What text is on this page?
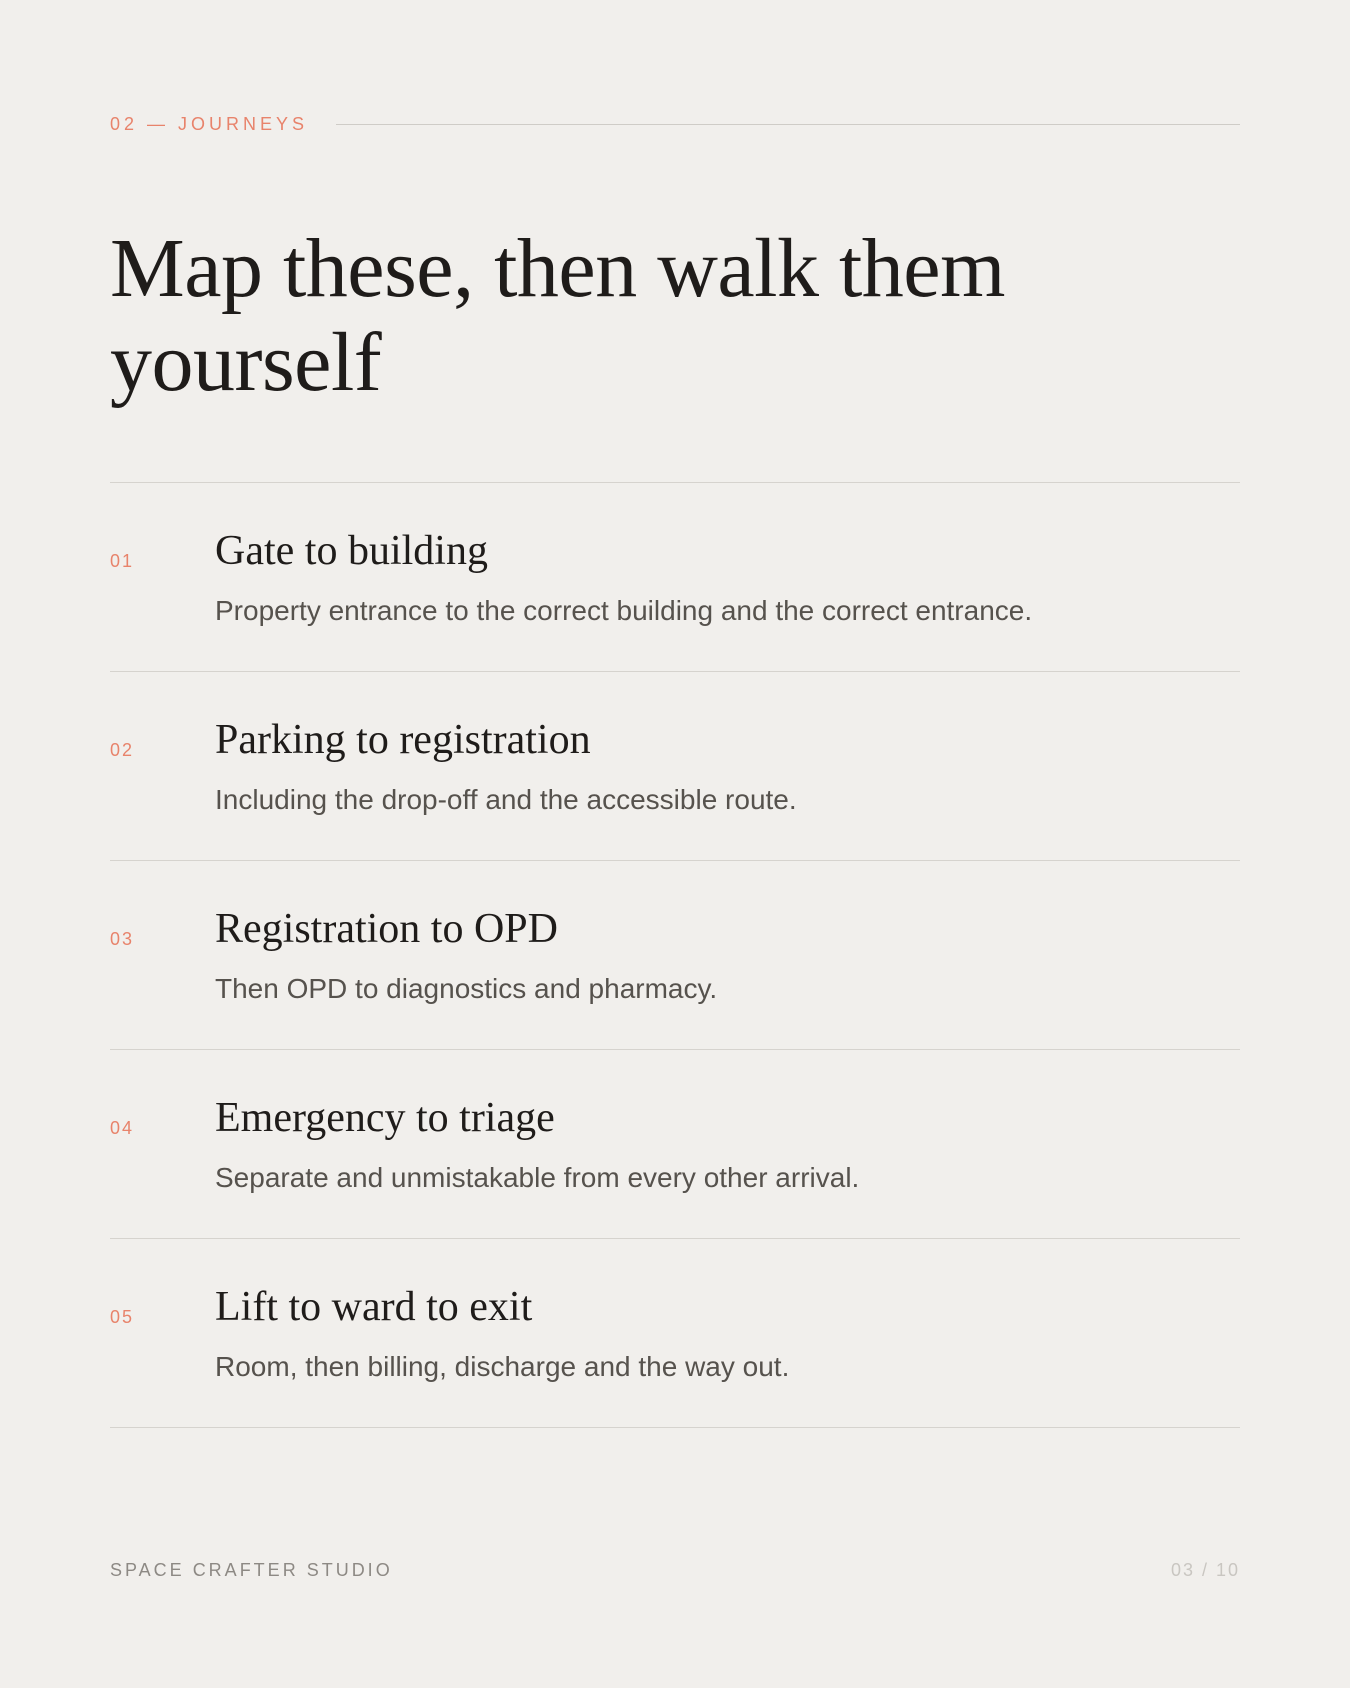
02 — JOURNEYS
Map these, then walk them yourself
01 Gate to building

Property entrance to the correct building and the correct entrance.

02 Parking to registration

Including the drop-off and the accessible route.

03 Registration to OPD

Then OPD to diagnostics and pharmacy.

04 Emergency to triage

Separate and unmistakable from every other arrival.

05 Lift to ward to exit

Room, then billing, discharge and the way out.

SPACE CRAFTER STUDIO	03 / 10
